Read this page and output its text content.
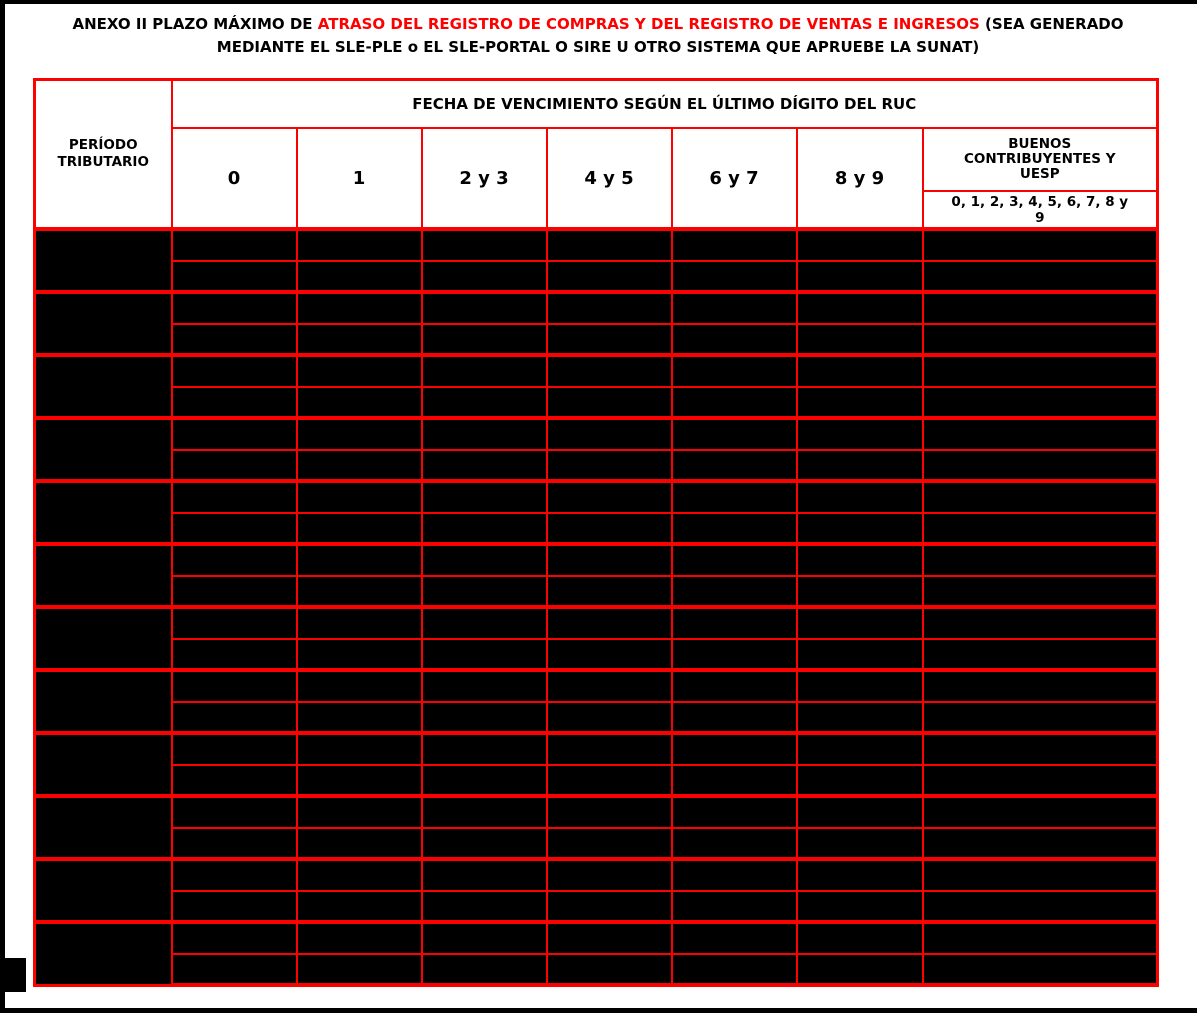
ANEXO II PLAZO MÁXIMO DE ATRASO DEL REGISTRO DE COMPRAS Y DEL REGISTRO DE VENTAS E INGRESOS (SEA GENERADO MEDIANTE EL SLE-PLE o EL SLE-PORTAL O SIRE U OTRO SISTEMA QUE APRUEBE LA SUNAT)
PERÍODO TRIBUTARIO	FECHA DE VENCIMIENTO SEGÚN EL ÚLTIMO DÍGITO DEL RUC						
	0	1	2 y 3	4 y 5	6 y 7	8 y 9	BUENOS CONTRIBUYENTES Y UESP
							0, 1, 2, 3, 4, 5, 6, 7, 8 y 9
